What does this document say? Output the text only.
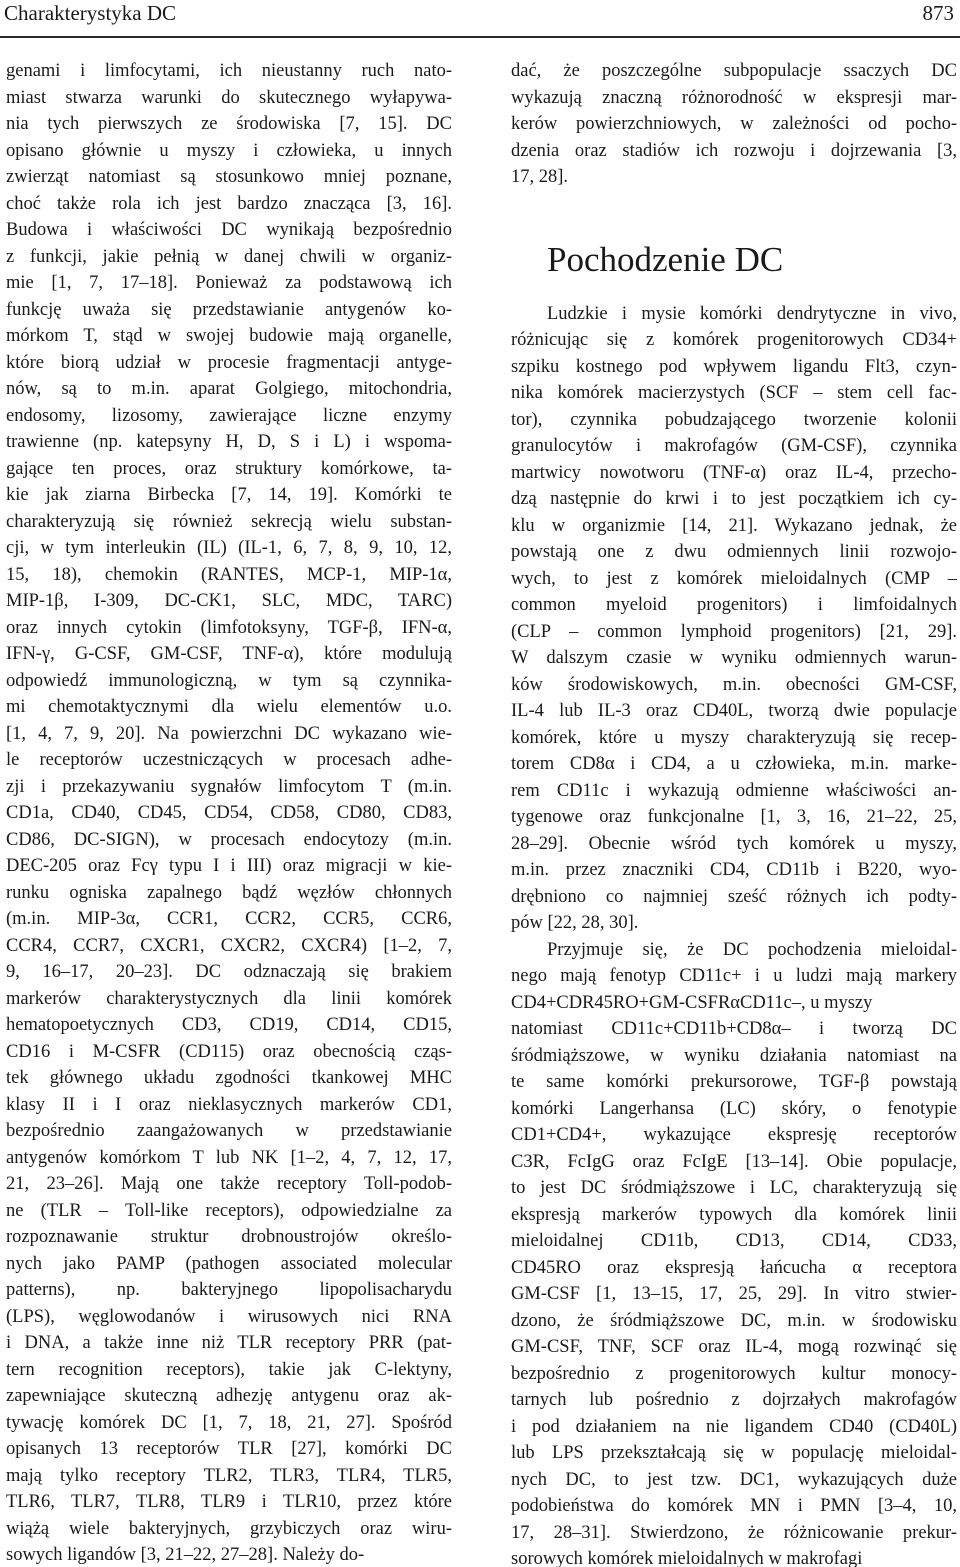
Charakterystyka DC	873
genami i limfocytami, ich nieustanny ruch nato-
miast stwarza warunki do skutecznego wyłapywa-
nia tych pierwszych ze środowiska [7, 15]. DC
opisano głównie u myszy i człowieka, u innych
zwierząt natomiast są stosunkowo mniej poznane,
choć także rola ich jest bardzo znacząca [3, 16].
Budowa i właściwości DC wynikają bezpośrednio
z funkcji, jakie pełnią w danej chwili w organiz-
mie [1, 7, 17–18]. Ponieważ za podstawową ich
funkcję uważa się przedstawianie antygenów ko-
mórkom T, stąd w swojej budowie mają organelle,
które biorą udział w procesie fragmentacji antyge-
nów, są to m.in. aparat Golgiego, mitochondria,
endosomy, lizosomy, zawierające liczne enzymy
trawienne (np. katepsyny H, D, S i L) i wspoma-
gające ten proces, oraz struktury komórkowe, ta-
kie jak ziarna Birbecka [7, 14, 19]. Komórki te
charakteryzują się również sekrecją wielu substan-
cji, w tym interleukin (IL) (IL-1, 6, 7, 8, 9, 10, 12,
15, 18), chemokin (RANTES, MCP-1, MIP-1α,
MIP-1β, I-309, DC-CK1, SLC, MDC, TARC)
oraz innych cytokin (limfotoksyny, TGF-β, IFN-α,
IFN-γ, G-CSF, GM-CSF, TNF-α), które modulują
odpowiedź immunologiczną, w tym są czynnika-
mi chemotaktycznymi dla wielu elementów u.o.
[1, 4, 7, 9, 20]. Na powierzchni DC wykazano wie-
le receptorów uczestniczących w procesach adhe-
zji i przekazywaniu sygnałów limfocytom T (m.in.
CD1a, CD40, CD45, CD54, CD58, CD80, CD83,
CD86, DC-SIGN), w procesach endocytozy (m.in.
DEC-205 oraz Fcγ typu I i III) oraz migracji w kie-
runku ogniska zapalnego bądź węzłów chłonnych
(m.in. MIP-3α, CCR1, CCR2, CCR5, CCR6,
CCR4, CCR7, CXCR1, CXCR2, CXCR4) [1–2, 7,
9, 16–17, 20–23]. DC odznaczają się brakiem
markerów charakterystycznych dla linii komórek
hematopoetycznych CD3, CD19, CD14, CD15,
CD16 i M-CSFR (CD115) oraz obecnością cząs-
tek głównego układu zgodności tkankowej MHC
klasy II i I oraz nieklasycznych markerów CD1,
bezpośrednio zaangażowanych w przedstawianie
antygenów komórkom T lub NK [1–2, 4, 7, 12, 17,
21, 23–26]. Mają one także receptory Toll-podob-
ne (TLR – Toll-like receptors), odpowiedzialne za
rozpoznawanie struktur drobnoustrojów określo-
nych jako PAMP (pathogen associated molecular
patterns), np. bakteryjnego lipopolisacharydu
(LPS), węglowodanów i wirusowych nici RNA
i DNA, a także inne niż TLR receptory PRR (pat-
tern recognition receptors), takie jak C-lektyny,
zapewniające skuteczną adhezję antygenu oraz ak-
tywację komórek DC [1, 7, 18, 21, 27]. Spośród
opisanych 13 receptorów TLR [27], komórki DC
mają tylko receptory TLR2, TLR3, TLR4, TLR5,
TLR6, TLR7, TLR8, TLR9 i TLR10, przez które
wiążą wiele bakteryjnych, grzybiczych oraz wiru-
sowych ligandów [3, 21–22, 27–28]. Należy do-
dać, że poszczególne subpopulacje ssaczych DC
wykazują znaczną różnorodność w ekspresji mar-
kerów powierzchniowych, w zależności od pocho-
dzenia oraz stadiów ich rozwoju i dojrzewania [3,
17, 28].
Pochodzenie DC
Ludzkie i mysie komórki dendrytyczne in vivo,
różnicując się z komórek progenitorowych CD34+
szpiku kostnego pod wpływem ligandu Flt3, czyn-
nika komórek macierzystych (SCF – stem cell fac-
tor), czynnika pobudzającego tworzenie kolonii
granulocytów i makrofagów (GM-CSF), czynnika
martwicy nowotworu (TNF-α) oraz IL-4, przecho-
dzą następnie do krwi i to jest początkiem ich cy-
klu w organizmie [14, 21]. Wykazano jednak, że
powstają one z dwu odmiennych linii rozwojo-
wych, to jest z komórek mieloidalnych (CMP –
common myeloid progenitors) i limfoidalnych
(CLP – common lymphoid progenitors) [21, 29].
W dalszym czasie w wyniku odmiennych warun-
ków środowiskowych, m.in. obecności GM-CSF,
IL-4 lub IL-3 oraz CD40L, tworzą dwie populacje
komórek, które u myszy charakteryzują się recep-
torem CD8α i CD4, a u człowieka, m.in. marke-
rem CD11c i wykazują odmienne właściwości an-
tygenowe oraz funkcjonalne [1, 3, 16, 21–22, 25,
28–29]. Obecnie wśród tych komórek u myszy,
m.in. przez znaczniki CD4, CD11b i B220, wyo-
drębniono co najmniej sześć różnych ich podty-
pów [22, 28, 30].
Przyjmuje się, że DC pochodzenia mieloidal-
nego mają fenotyp CD11c+ i u ludzi mają markery
CD4+CDR45RO+GM-CSFRαCD11c–, u myszy
natomiast CD11c+CD11b+CD8α– i tworzą DC
śródmiąższowe, w wyniku działania natomiast na
te same komórki prekursorowe, TGF-β powstają
komórki Langerhansa (LC) skóry, o fenotypie
CD1+CD4+, wykazujące ekspresję receptorów
C3R, FcIgG oraz FcIgE [13–14]. Obie populacje,
to jest DC śródmiąższowe i LC, charakteryzują się
ekspresją markerów typowych dla komórek linii
mieloidalnej CD11b, CD13, CD14, CD33,
CD45RO oraz ekspresją łańcucha α receptora
GM-CSF [1, 13–15, 17, 25, 29]. In vitro stwier-
dzono, że śródmiąższowe DC, m.in. w środowisku
GM-CSF, TNF, SCF oraz IL-4, mogą rozwinąć się
bezpośrednio z progenitorowych kultur monocy-
tarnych lub pośrednio z dojrzałych makrofagów
i pod działaniem na nie ligandem CD40 (CD40L)
lub LPS przekształcają się w populację mieloidal-
nych DC, to jest tzw. DC1, wykazujących duże
podobieństwa do komórek MN i PMN [3–4, 10,
17, 28–31]. Stwierdzono, że różnicowanie prekur-
sorowych komórek mieloidalnych w makrofagi
